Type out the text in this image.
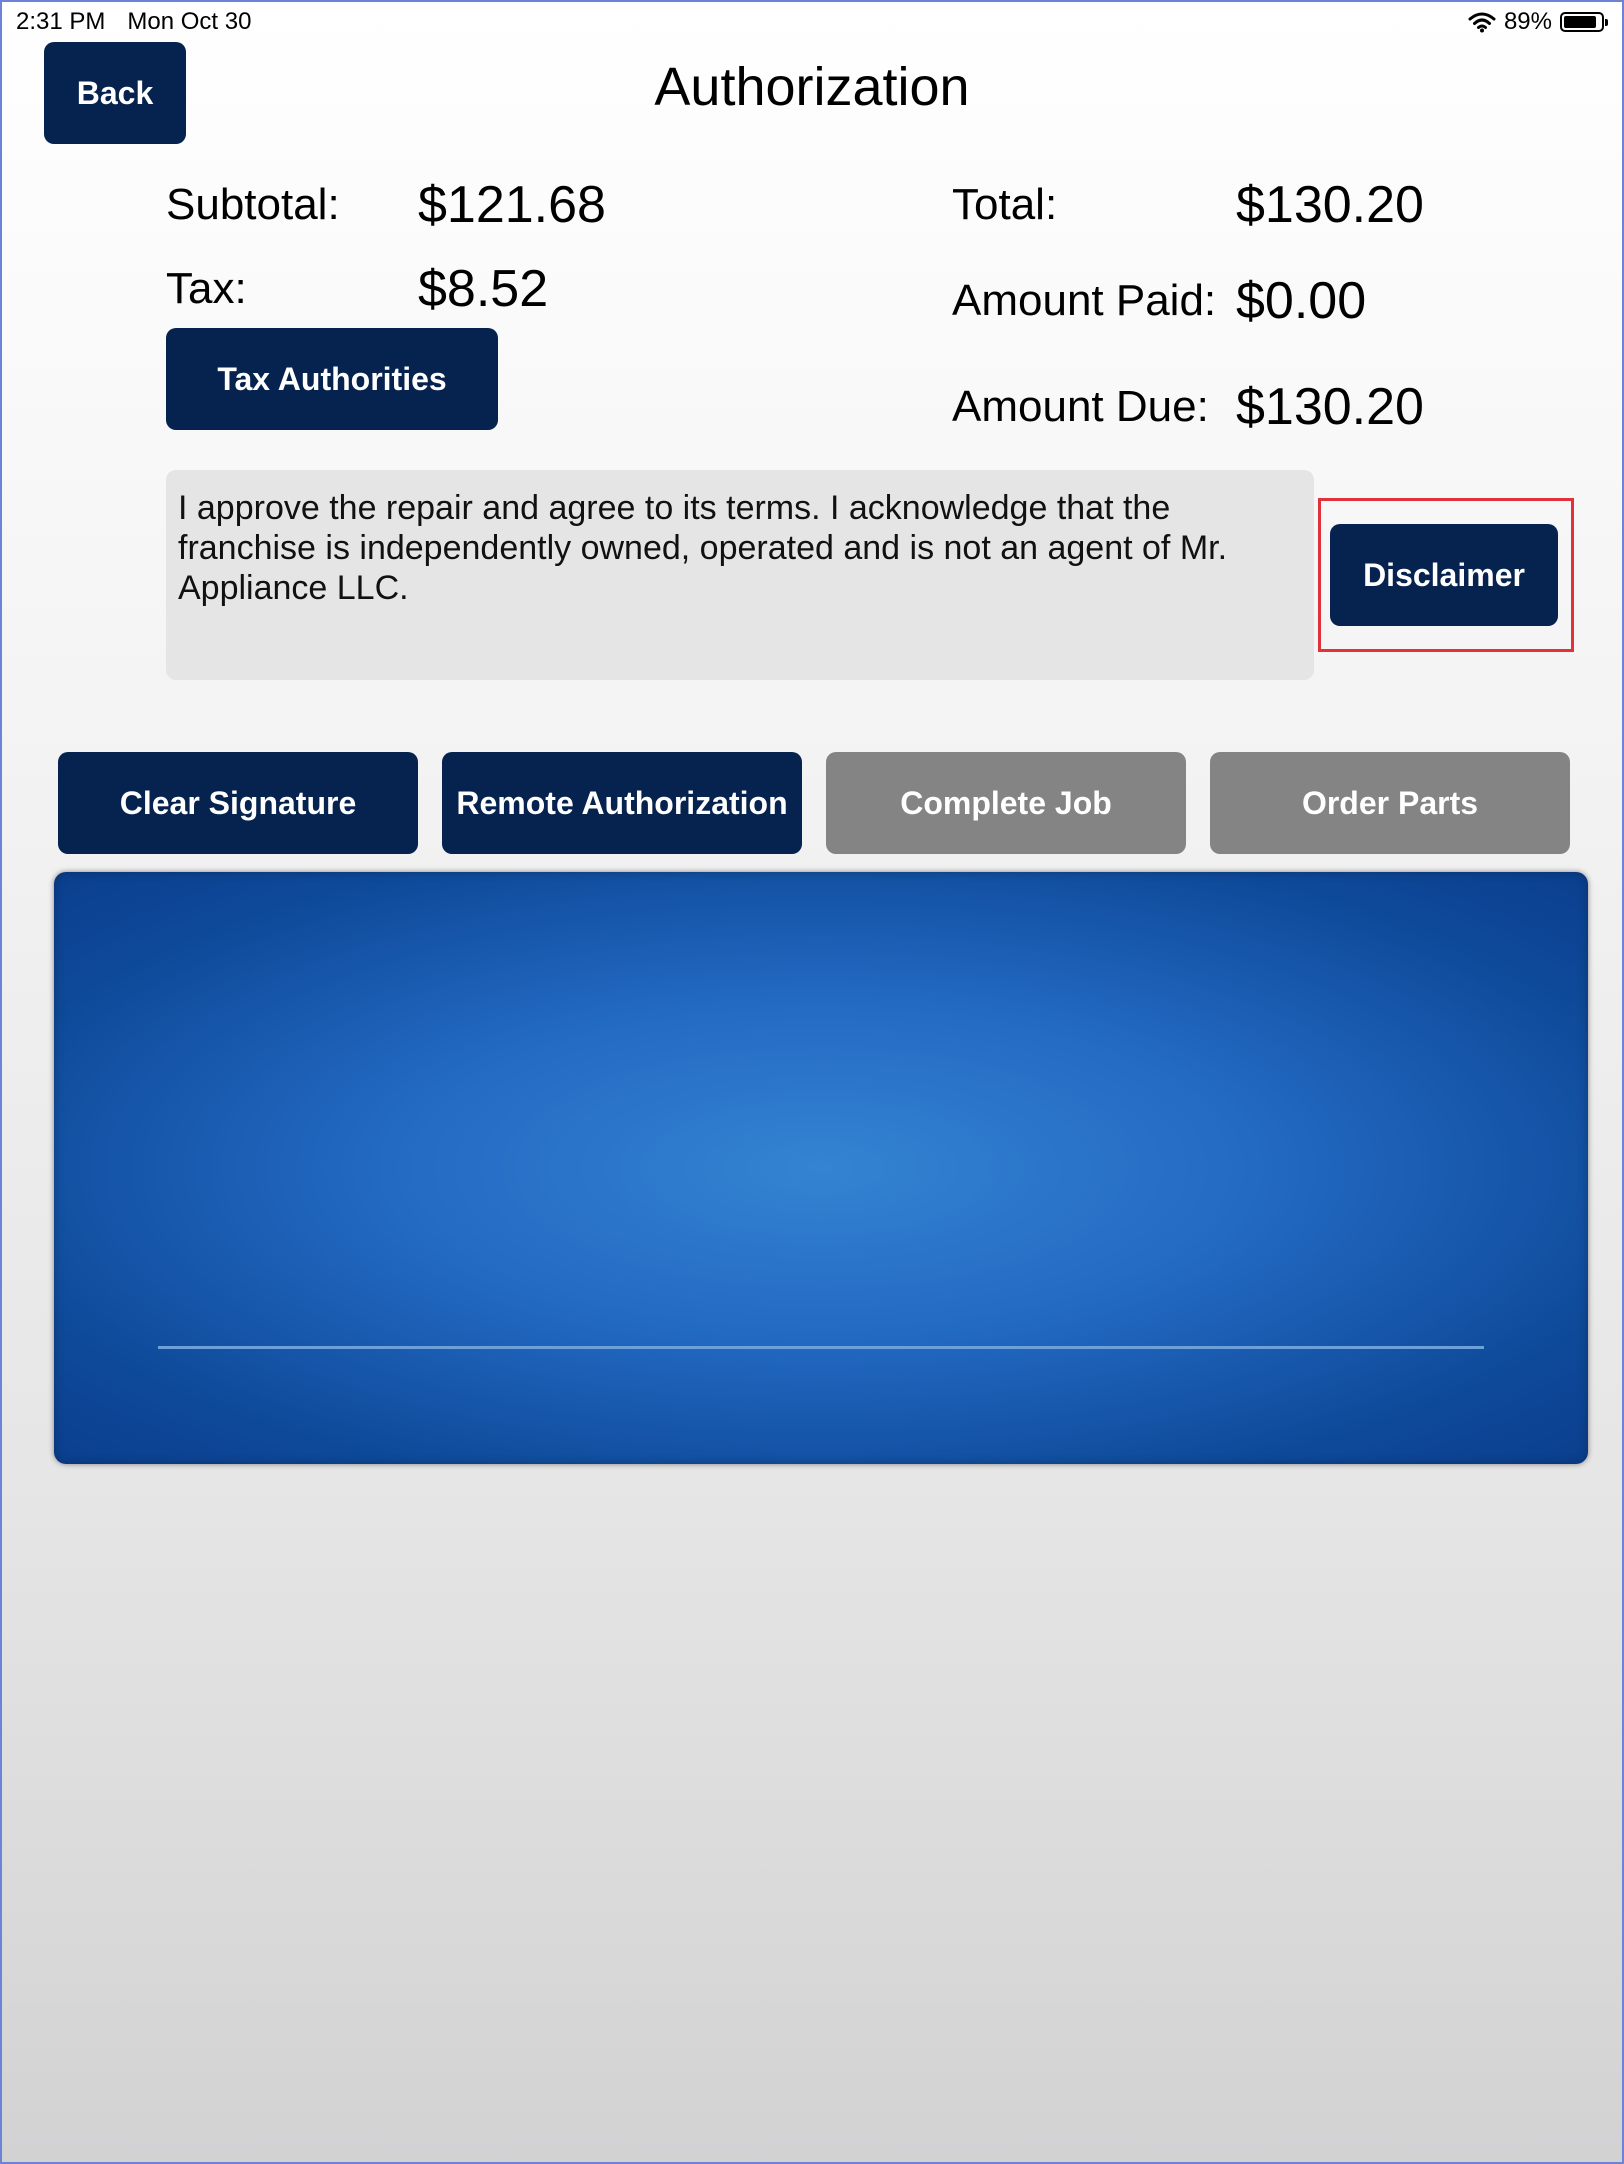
2:31 PM Mon Oct 30	89%
Back	Authorization
Subtotal: $121.68
Tax:	$8.52
Tax Authorities
Total:	$130.20
Amount Paid: $0.00
Amount Due: $130.20
I approve the repair and agree to its terms. I acknowledge that the franchise is independently owned, operated and is not an agent of Mr. Appliance LLC.	Disclaimer
Clear Signature	Remote Authorization	Complete Job	Order Parts
